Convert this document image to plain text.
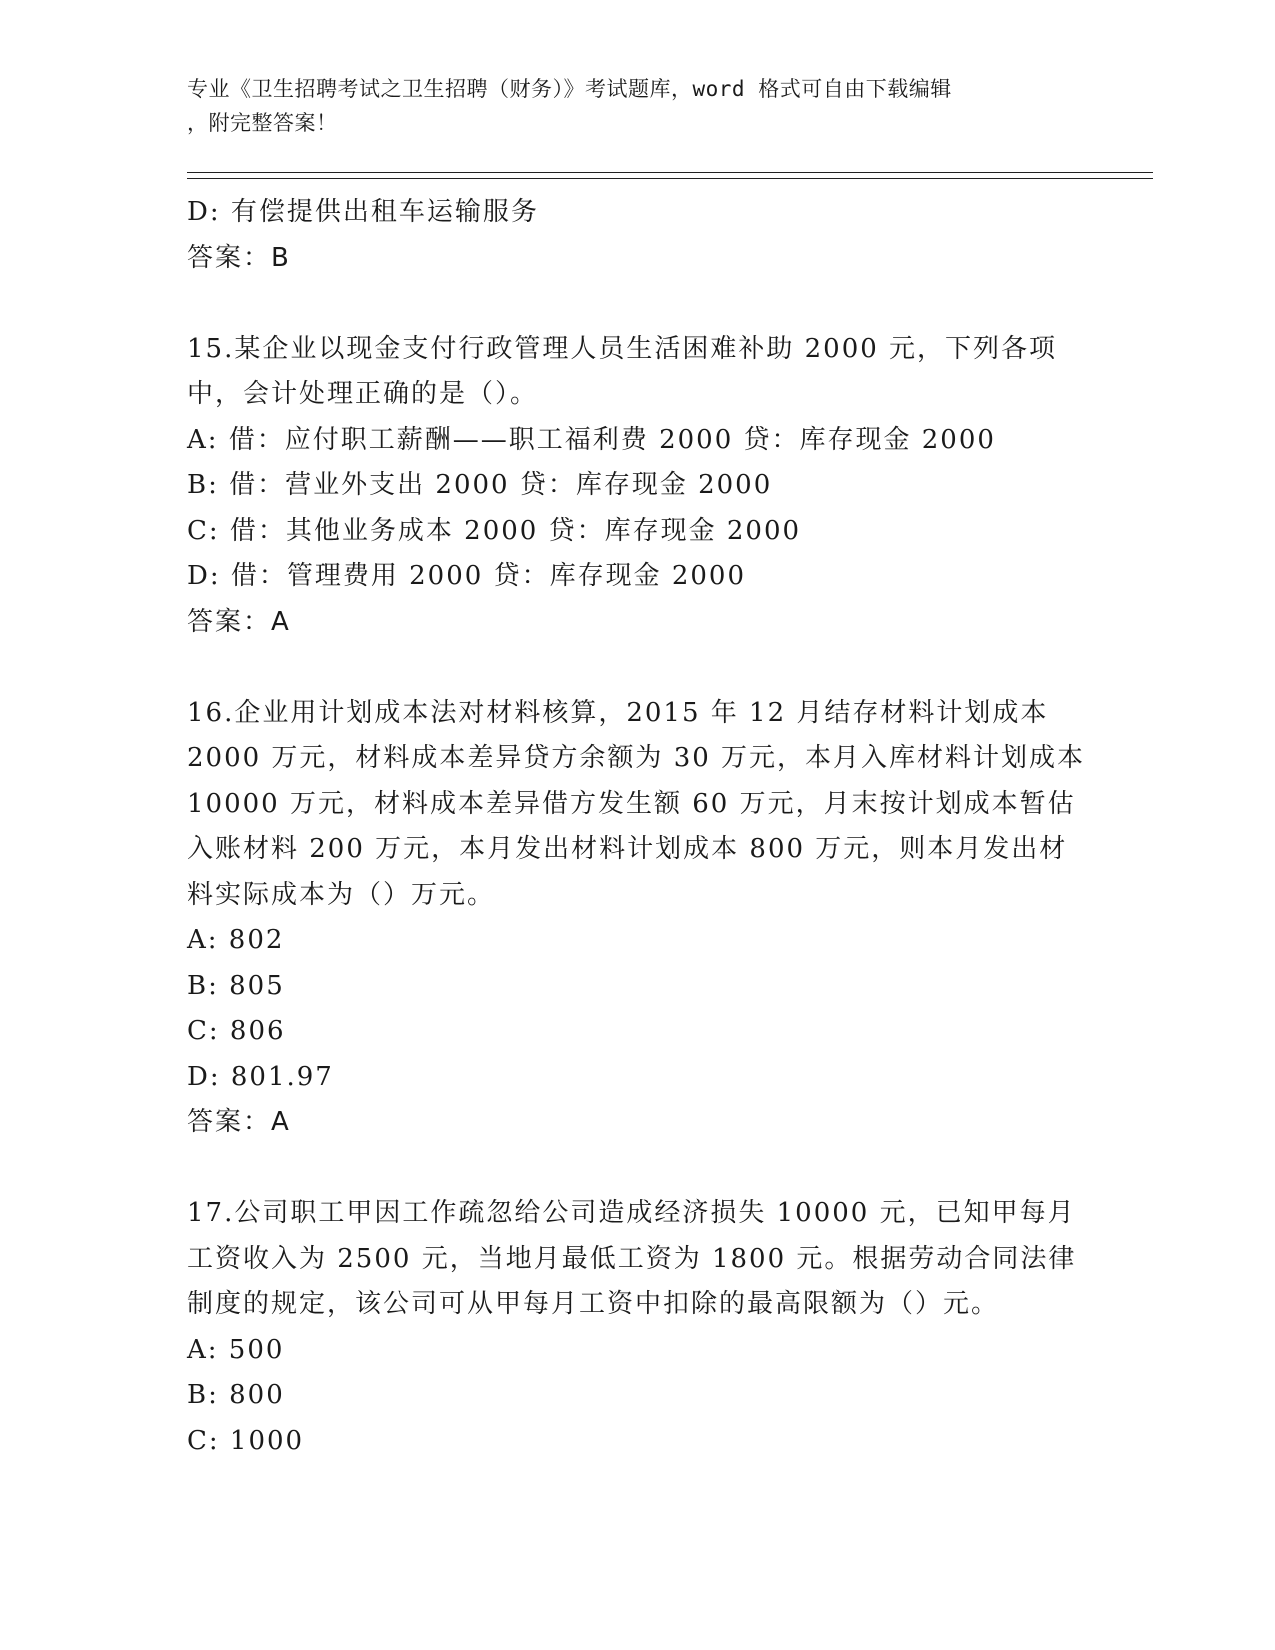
专业《卫生招聘考试之卫生招聘（财务）》考试题库，word 格式可自由下载编辑
，附完整答案！
D: 有偿提供出租车运输服务
答案：B
15.某企业以现金支付行政管理人员生活困难补助 2000 元，下列各项
中，会计处理正确的是（）。
A: 借：应付职工薪酬——职工福利费 2000 贷：库存现金 2000
B: 借：营业外支出 2000 贷：库存现金 2000
C: 借：其他业务成本 2000 贷：库存现金 2000
D: 借：管理费用 2000 贷：库存现金 2000
答案：A
16.企业用计划成本法对材料核算，2015 年 12 月结存材料计划成本
2000 万元，材料成本差异贷方余额为 30 万元，本月入库材料计划成本
10000 万元，材料成本差异借方发生额 60 万元，月末按计划成本暂估
入账材料 200 万元，本月发出材料计划成本 800 万元，则本月发出材
料实际成本为（）万元。
A: 802
B: 805
C: 806
D: 801.97
答案：A
17.公司职工甲因工作疏忽给公司造成经济损失 10000 元，已知甲每月
工资收入为 2500 元，当地月最低工资为 1800 元。根据劳动合同法律
制度的规定，该公司可从甲每月工资中扣除的最高限额为（）元。
A: 500
B: 800
C: 1000
